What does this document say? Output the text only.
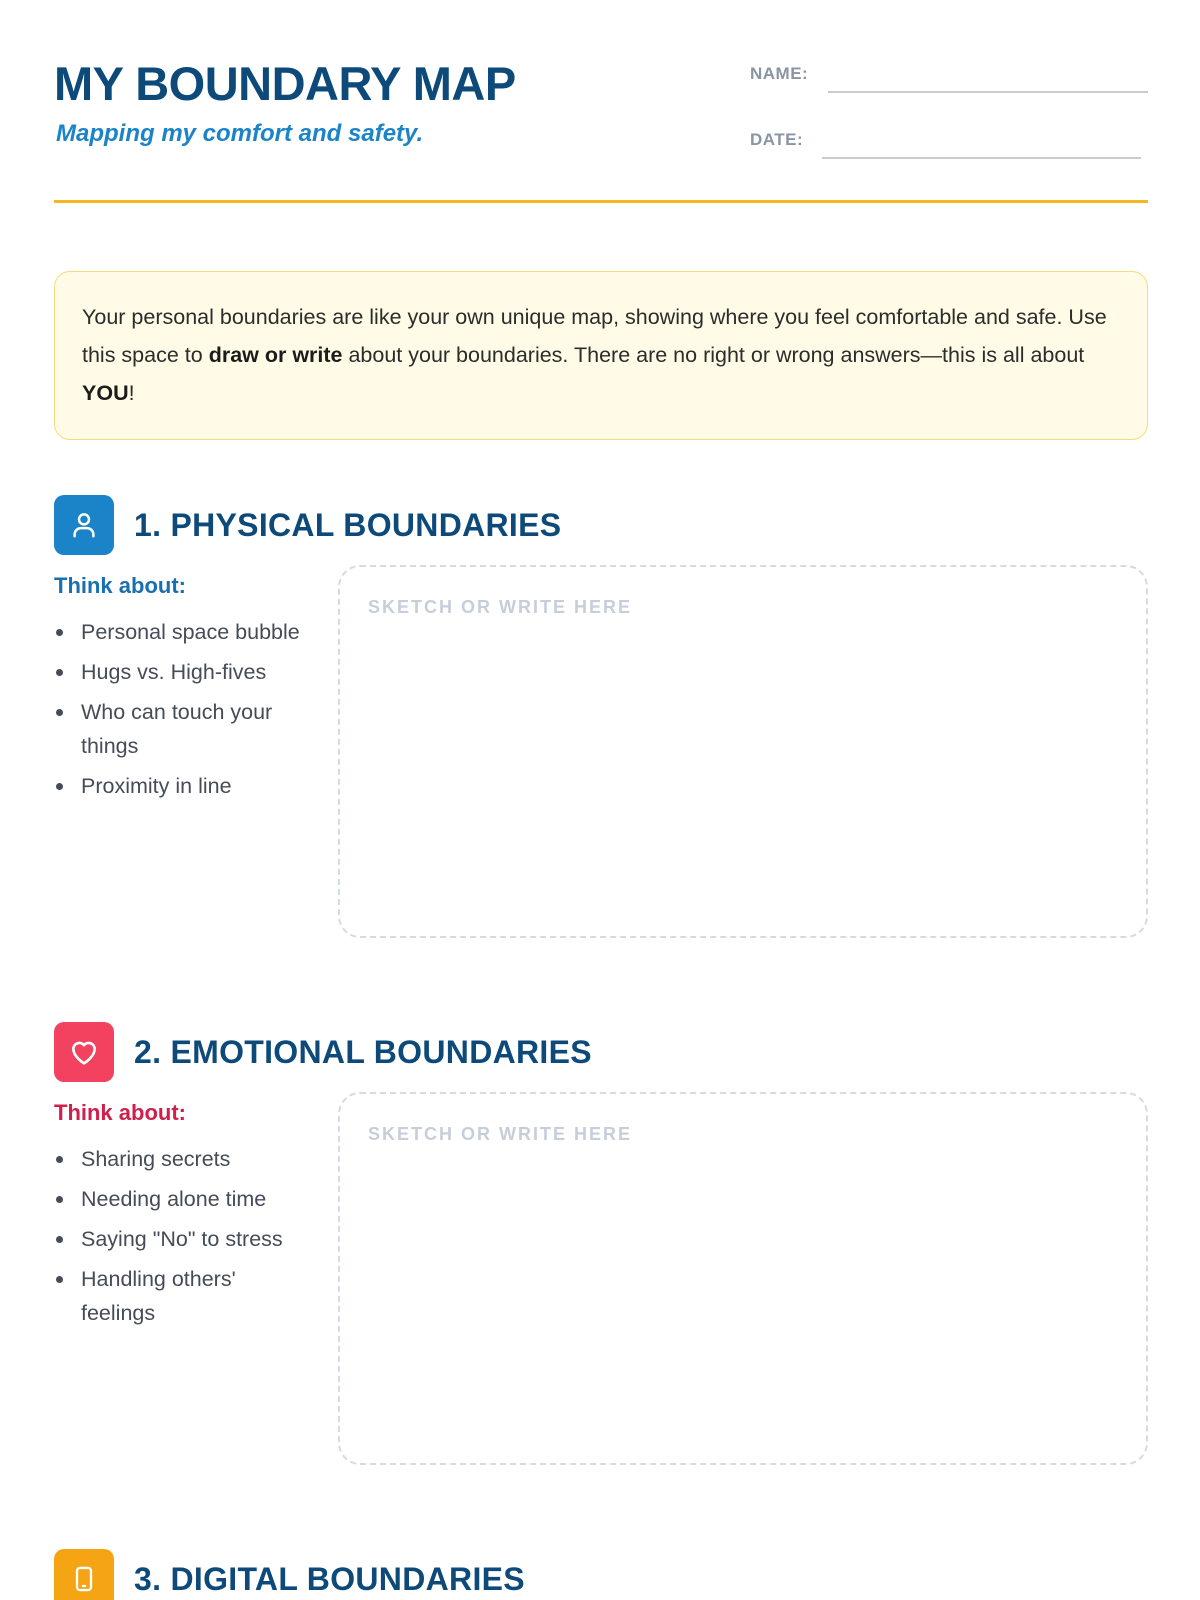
MY BOUNDARY MAP
Mapping my comfort and safety.
NAME:
DATE:
Your personal boundaries are like your own unique map, showing where you feel comfortable and safe. Use this space to draw or write about your boundaries. There are no right or wrong answers—this is all about YOU!
1. PHYSICAL BOUNDARIES
Think about:
Personal space bubble
Hugs vs. High-fives
Who can touch your things
Proximity in line
SKETCH OR WRITE HERE
2. EMOTIONAL BOUNDARIES
Think about:
Sharing secrets
Needing alone time
Saying "No" to stress
Handling others' feelings
SKETCH OR WRITE HERE
3. DIGITAL BOUNDARIES
